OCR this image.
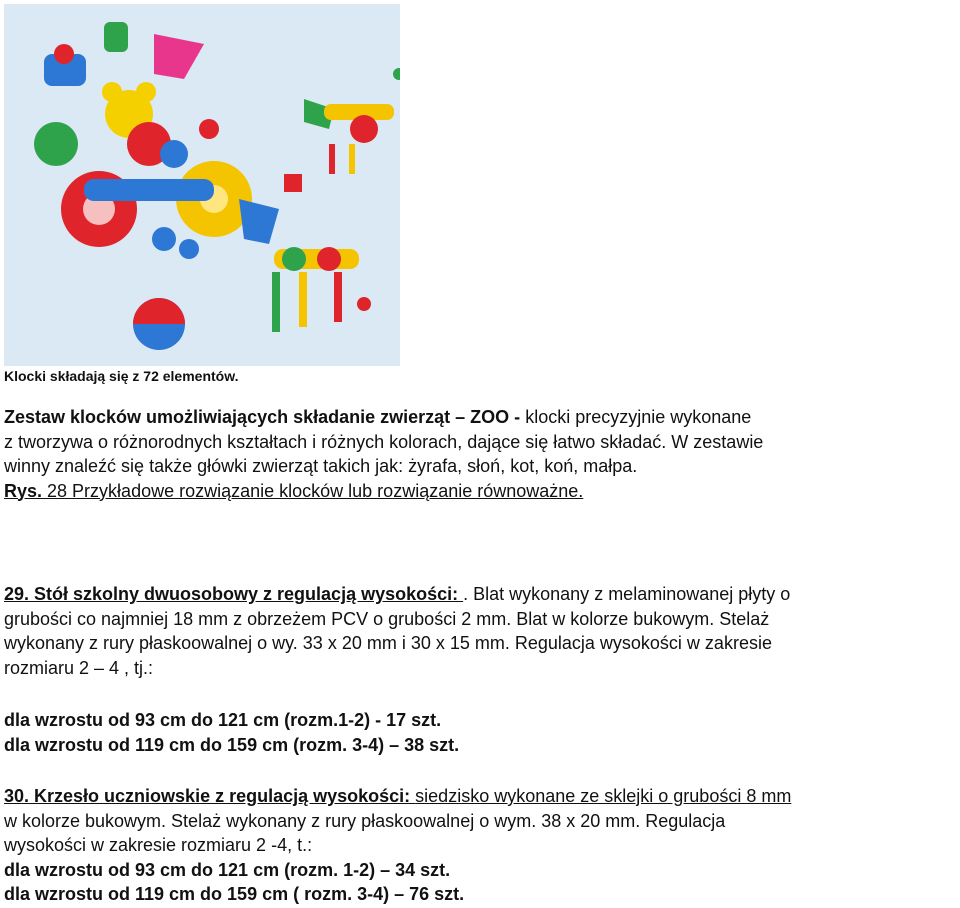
Klocki składają się z 72 elementów.
Zestaw klocków umożliwiających składanie zwierząt – ZOO - klocki precyzyjnie wykonane
z tworzywa o różnorodnych kształtach i różnych kolorach, dające się łatwo składać. W zestawie
winny znaleźć się także główki zwierząt takich jak: żyrafa, słoń, kot, koń, małpa.
Rys. 28 Przykładowe rozwiązanie klocków lub rozwiązanie równoważne.
29. Stół szkolny dwuosobowy z regulacją wysokości: . Blat wykonany z melaminowanej płyty o
grubości co najmniej 18 mm z obrzeżem PCV o grubości 2 mm. Blat w kolorze bukowym. Stelaż
wykonany z rury płaskoowalnej o wy. 33 x 20 mm i 30 x 15 mm. Regulacja wysokości w zakresie
rozmiaru 2 – 4 , tj.:
dla wzrostu od 93 cm do 121 cm (rozm.1-2) - 17 szt.
dla wzrostu od 119 cm do 159 cm (rozm. 3-4) – 38 szt.
30. Krzesło uczniowskie z regulacją wysokości: siedzisko wykonane ze sklejki o grubości 8 mm
w kolorze bukowym. Stelaż wykonany z rury płaskoowalnej o wym. 38 x 20 mm. Regulacja
wysokości w zakresie rozmiaru 2 -4, t.:
dla wzrostu od 93 cm do 121 cm (rozm. 1-2) – 34 szt.
dla wzrostu od 119 cm do 159 cm ( rozm. 3-4) – 76 szt.
